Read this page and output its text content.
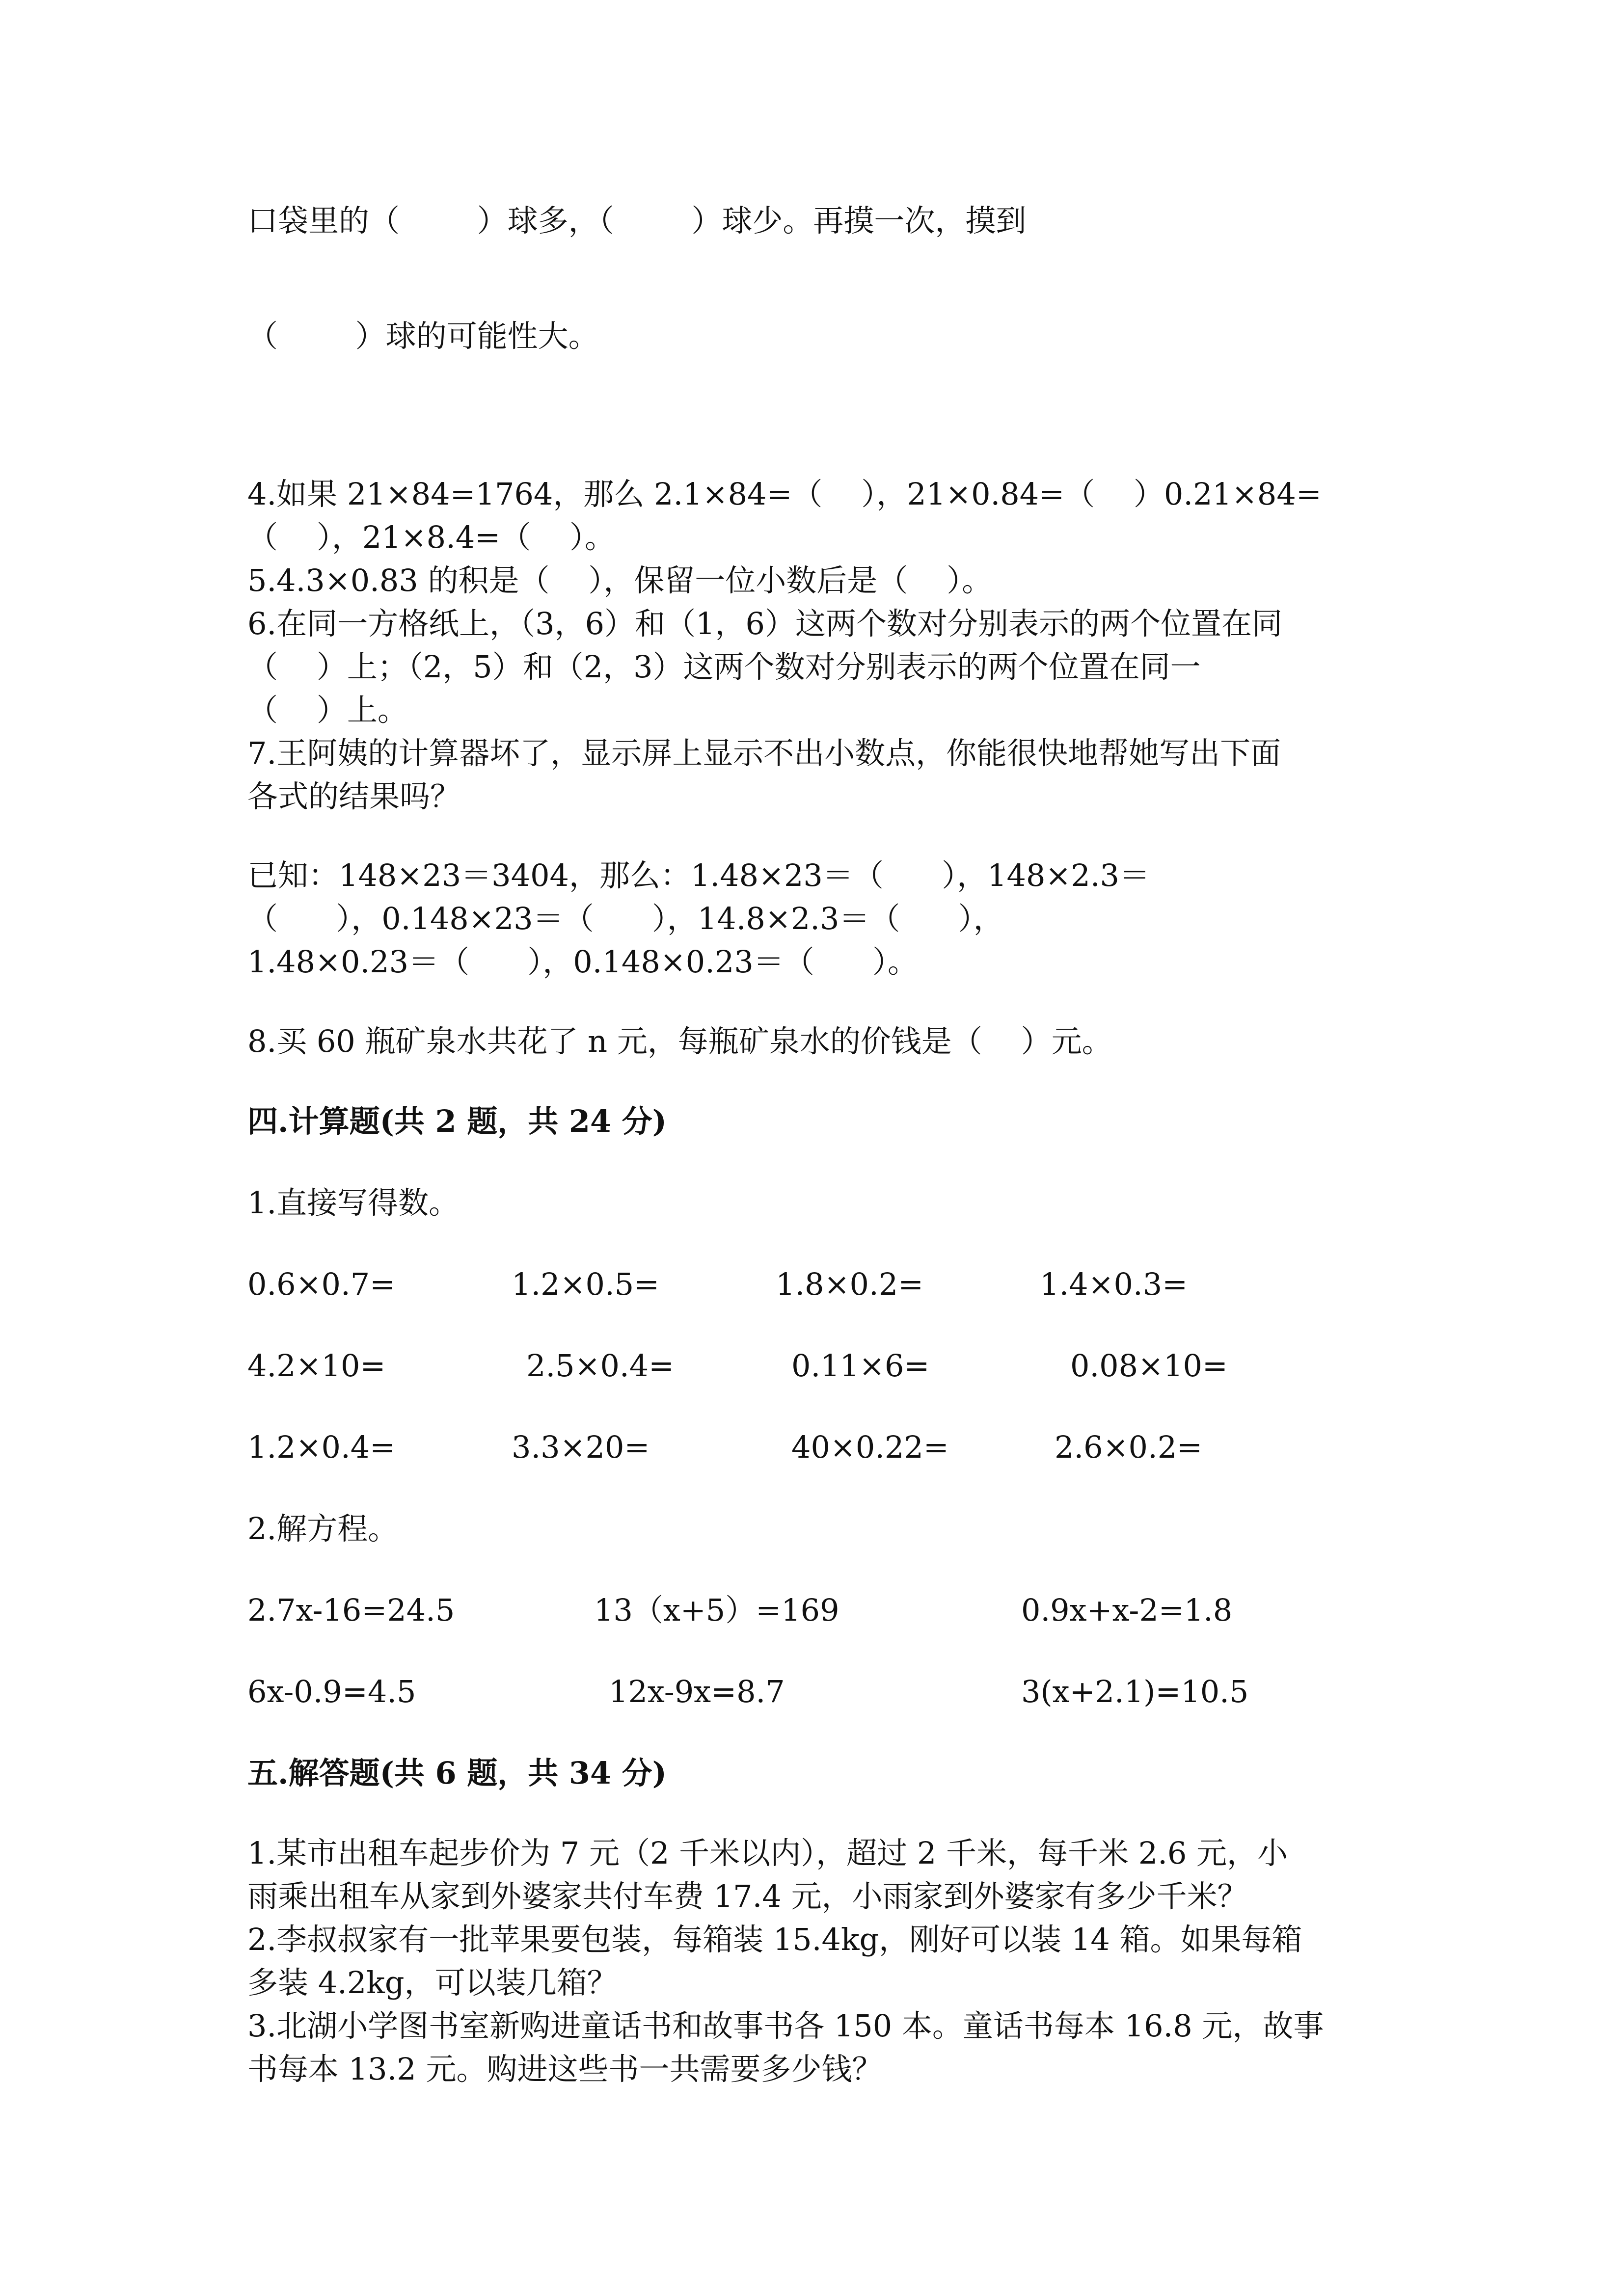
口袋里的（        ）球多，（        ）球少。再摸一次，摸到

（        ）球的可能性大。

4.如果 21×84=1764，那么 2.1×84=（    ），21×0.84=（    ）0.21×84=

（    ），21×8.4=（    ）。

5.4.3×0.83 的积是（    ），保留一位小数后是（    ）。

6.在同一方格纸上，（3，6）和（1，6）这两个数对分别表示的两个位置在同

（    ）上；（2，5）和（2，3）这两个数对分别表示的两个位置在同一

（    ）上。

7.王阿姨的计算器坏了，显示屏上显示不出小数点，你能很快地帮她写出下面

各式的结果吗？

已知：148×23＝3404，那么：1.48×23＝（      ），148×2.3＝

（      ），0.148×23＝（      ），14.8×2.3＝（      ），

1.48×0.23＝（      ），0.148×0.23＝（      ）。

8.买 60 瓶矿泉水共花了 n 元，每瓶矿泉水的价钱是（    ）元。

四.计算题(共 2 题，共 24 分)

1.直接写得数。

0.6×0.7=	1.2×0.5=	1.8×0.2=	1.4×0.3=

4.2×10=	2.5×0.4=	0.11×6=	0.08×10=

1.2×0.4=	3.3×20=	40×0.22=	2.6×0.2=

2.解方程。

2.7x-16=24.5	13（x+5）=169	0.9x+x-2=1.8

6x-0.9=4.5	12x-9x=8.7	3(x+2.1)=10.5

五.解答题(共 6 题，共 34 分)

1.某市出租车起步价为 7 元（2 千米以内），超过 2 千米，每千米 2.6 元，小

雨乘出租车从家到外婆家共付车费 17.4 元，小雨家到外婆家有多少千米？

2.李叔叔家有一批苹果要包装，每箱装 15.4kg，刚好可以装 14 箱。如果每箱

多装 4.2kg，可以装几箱？

3.北湖小学图书室新购进童话书和故事书各 150 本。童话书每本 16.8 元，故事

书每本 13.2 元。购进这些书一共需要多少钱？
